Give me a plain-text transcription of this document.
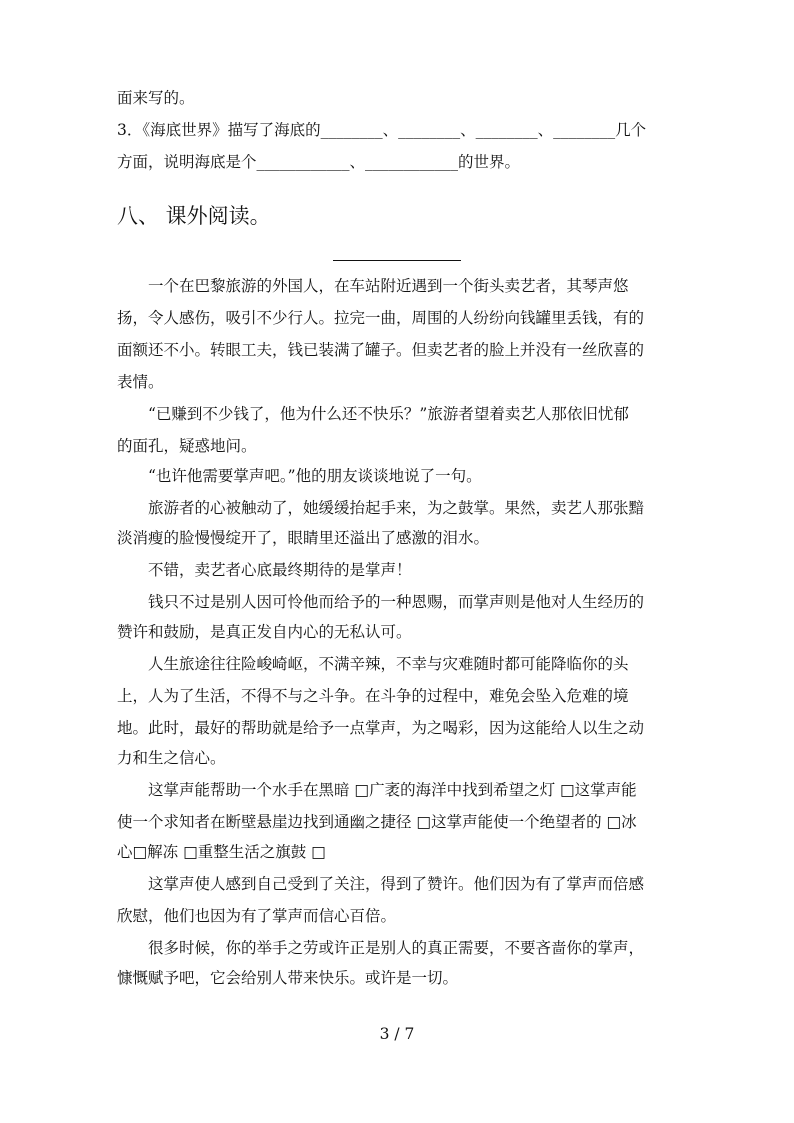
面来写的。
3．《海底世界》描写了海底的________、________、________、________几个
方面，说明海底是个____________、____________的世界。
八、 课外阅读。
一个在巴黎旅游的外国人，在车站附近遇到一个街头卖艺者，其琴声悠
扬，令人感伤，吸引不少行人。拉完一曲，周围的人纷纷向钱罐里丢钱，有的
面额还不小。转眼工夫，钱已装满了罐子。但卖艺者的脸上并没有一丝欣喜的
表情。
“已赚到不少钱了，他为什么还不快乐？”旅游者望着卖艺人那依旧忧郁
的面孔，疑惑地问。
“也许他需要掌声吧。”他的朋友谈谈地说了一句。
旅游者的心被触动了，她缓缓抬起手来，为之鼓掌。果然，卖艺人那张黯
淡消瘦的脸慢慢绽开了，眼睛里还溢出了感激的泪水。
不错，卖艺者心底最终期待的是掌声！
钱只不过是别人因可怜他而给予的一种恩赐，而掌声则是他对人生经历的
赞许和鼓励，是真正发自内心的无私认可。
人生旅途往往险峻崎岖，不满辛辣，不幸与灾难随时都可能降临你的头
上，人为了生活，不得不与之斗争。在斗争的过程中，难免会坠入危难的境
地。此时，最好的帮助就是给予一点掌声，为之喝彩，因为这能给人以生之动
力和生之信心。
这掌声能帮助一个水手在黑暗 □广袤的海洋中找到希望之灯 □这掌声能
使一个求知者在断壁悬崖边找到通幽之捷径 □这掌声能使一个绝望者的 □冰
心□解冻 □重整生活之旗鼓 □
这掌声使人感到自己受到了关注，得到了赞许。他们因为有了掌声而倍感
欣慰，他们也因为有了掌声而信心百倍。
很多时候，你的举手之劳或许正是别人的真正需要，不要吝啬你的掌声，
慷慨赋予吧，它会给别人带来快乐。或许是一切。
3 / 7
